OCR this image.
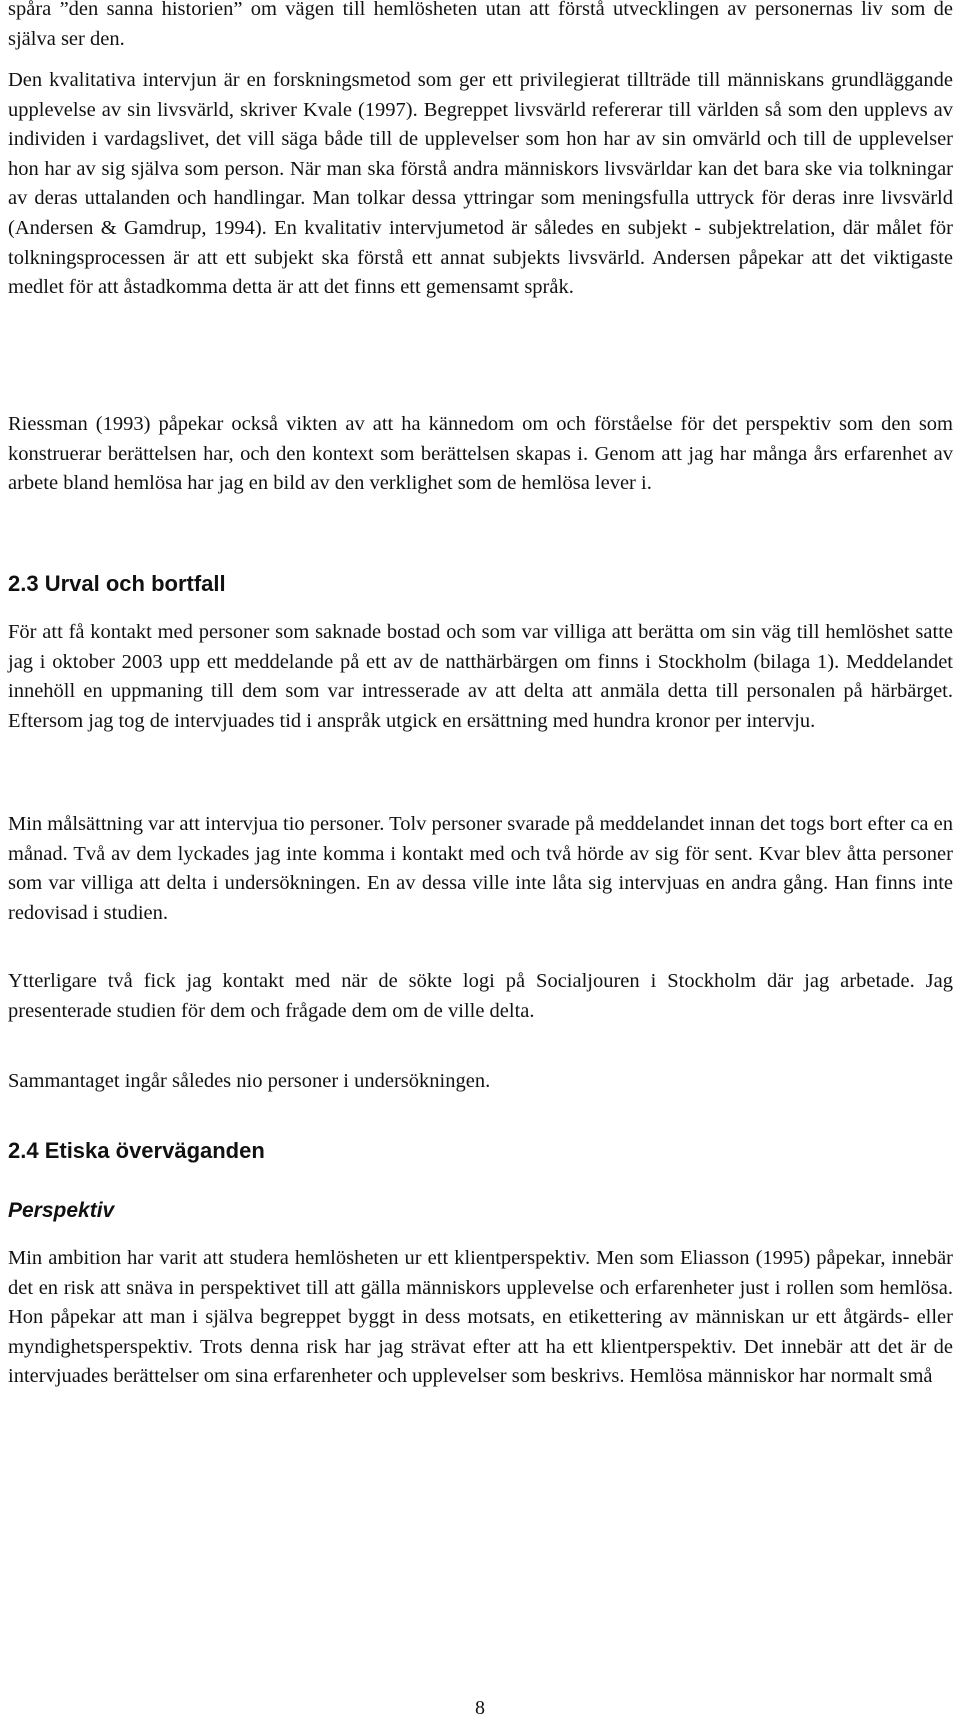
spåra ”den sanna historien” om vägen till hemlösheten utan att förstå utvecklingen av personernas liv som de själva ser den.

Den kvalitativa intervjun är en forskningsmetod som ger ett privilegierat tillträde till människans grundläggande upplevelse av sin livsvärld, skriver Kvale (1997). Begreppet livsvärld refererar till världen så som den upplevs av individen i vardagslivet, det vill säga både till de upplevelser som hon har av sin omvärld och till de upplevelser hon har av sig själva som person. När man ska förstå andra människors livsvärldar kan det bara ske via tolkningar av deras uttalanden och handlingar. Man tolkar dessa yttringar som meningsfulla uttryck för deras inre livsvärld (Andersen & Gamdrup, 1994). En kvalitativ intervjumetod är således en subjekt - subjektrelation, där målet för tolkningsprocessen är att ett subjekt ska förstå ett annat subjekts livsvärld. Andersen påpekar att det viktigaste medlet för att åstadkomma detta är att det finns ett gemensamt språk.

Riessman (1993) påpekar också vikten av att ha kännedom om och förståelse för det perspektiv som den som konstruerar berättelsen har, och den kontext som berättelsen skapas i. Genom att jag har många års erfarenhet av arbete bland hemlösa har jag en bild av den verklighet som de hemlösa lever i.

2.3 Urval och bortfall

För att få kontakt med personer som saknade bostad och som var villiga att berätta om sin väg till hemlöshet satte jag i oktober 2003 upp ett meddelande på ett av de natthärbärgen om finns i Stockholm (bilaga 1). Meddelandet innehöll en uppmaning till dem som var intresserade av att delta att anmäla detta till personalen på härbärget. Eftersom jag tog de intervjuades tid i anspråk utgick en ersättning med hundra kronor per intervju.

Min målsättning var att intervjua tio personer. Tolv personer svarade på meddelandet innan det togs bort efter ca en månad. Två av dem lyckades jag inte komma i kontakt med och två hörde av sig för sent. Kvar blev åtta personer som var villiga att delta i undersökningen. En av dessa ville inte låta sig intervjuas en andra gång. Han finns inte redovisad i studien.

Ytterligare två fick jag kontakt med när de sökte logi på Socialjouren i Stockholm där jag arbetade. Jag presenterade studien för dem och frågade dem om de ville delta.

Sammantaget ingår således nio personer i undersökningen.

2.4 Etiska överväganden
Perspektiv

Min ambition har varit att studera hemlösheten ur ett klientperspektiv. Men som Eliasson (1995) påpekar, innebär det en risk att snäva in perspektivet till att gälla människors upplevelse och erfarenheter just i rollen som hemlösa. Hon påpekar att man i själva begreppet byggt in dess motsats, en etikettering av människan ur ett åtgärds- eller myndighetsperspektiv. Trots denna risk har jag strävat efter att ha ett klientperspektiv. Det innebär att det är de intervjuades berättelser om sina erfarenheter och upplevelser som beskrivs. Hemlösa människor har normalt små

8
